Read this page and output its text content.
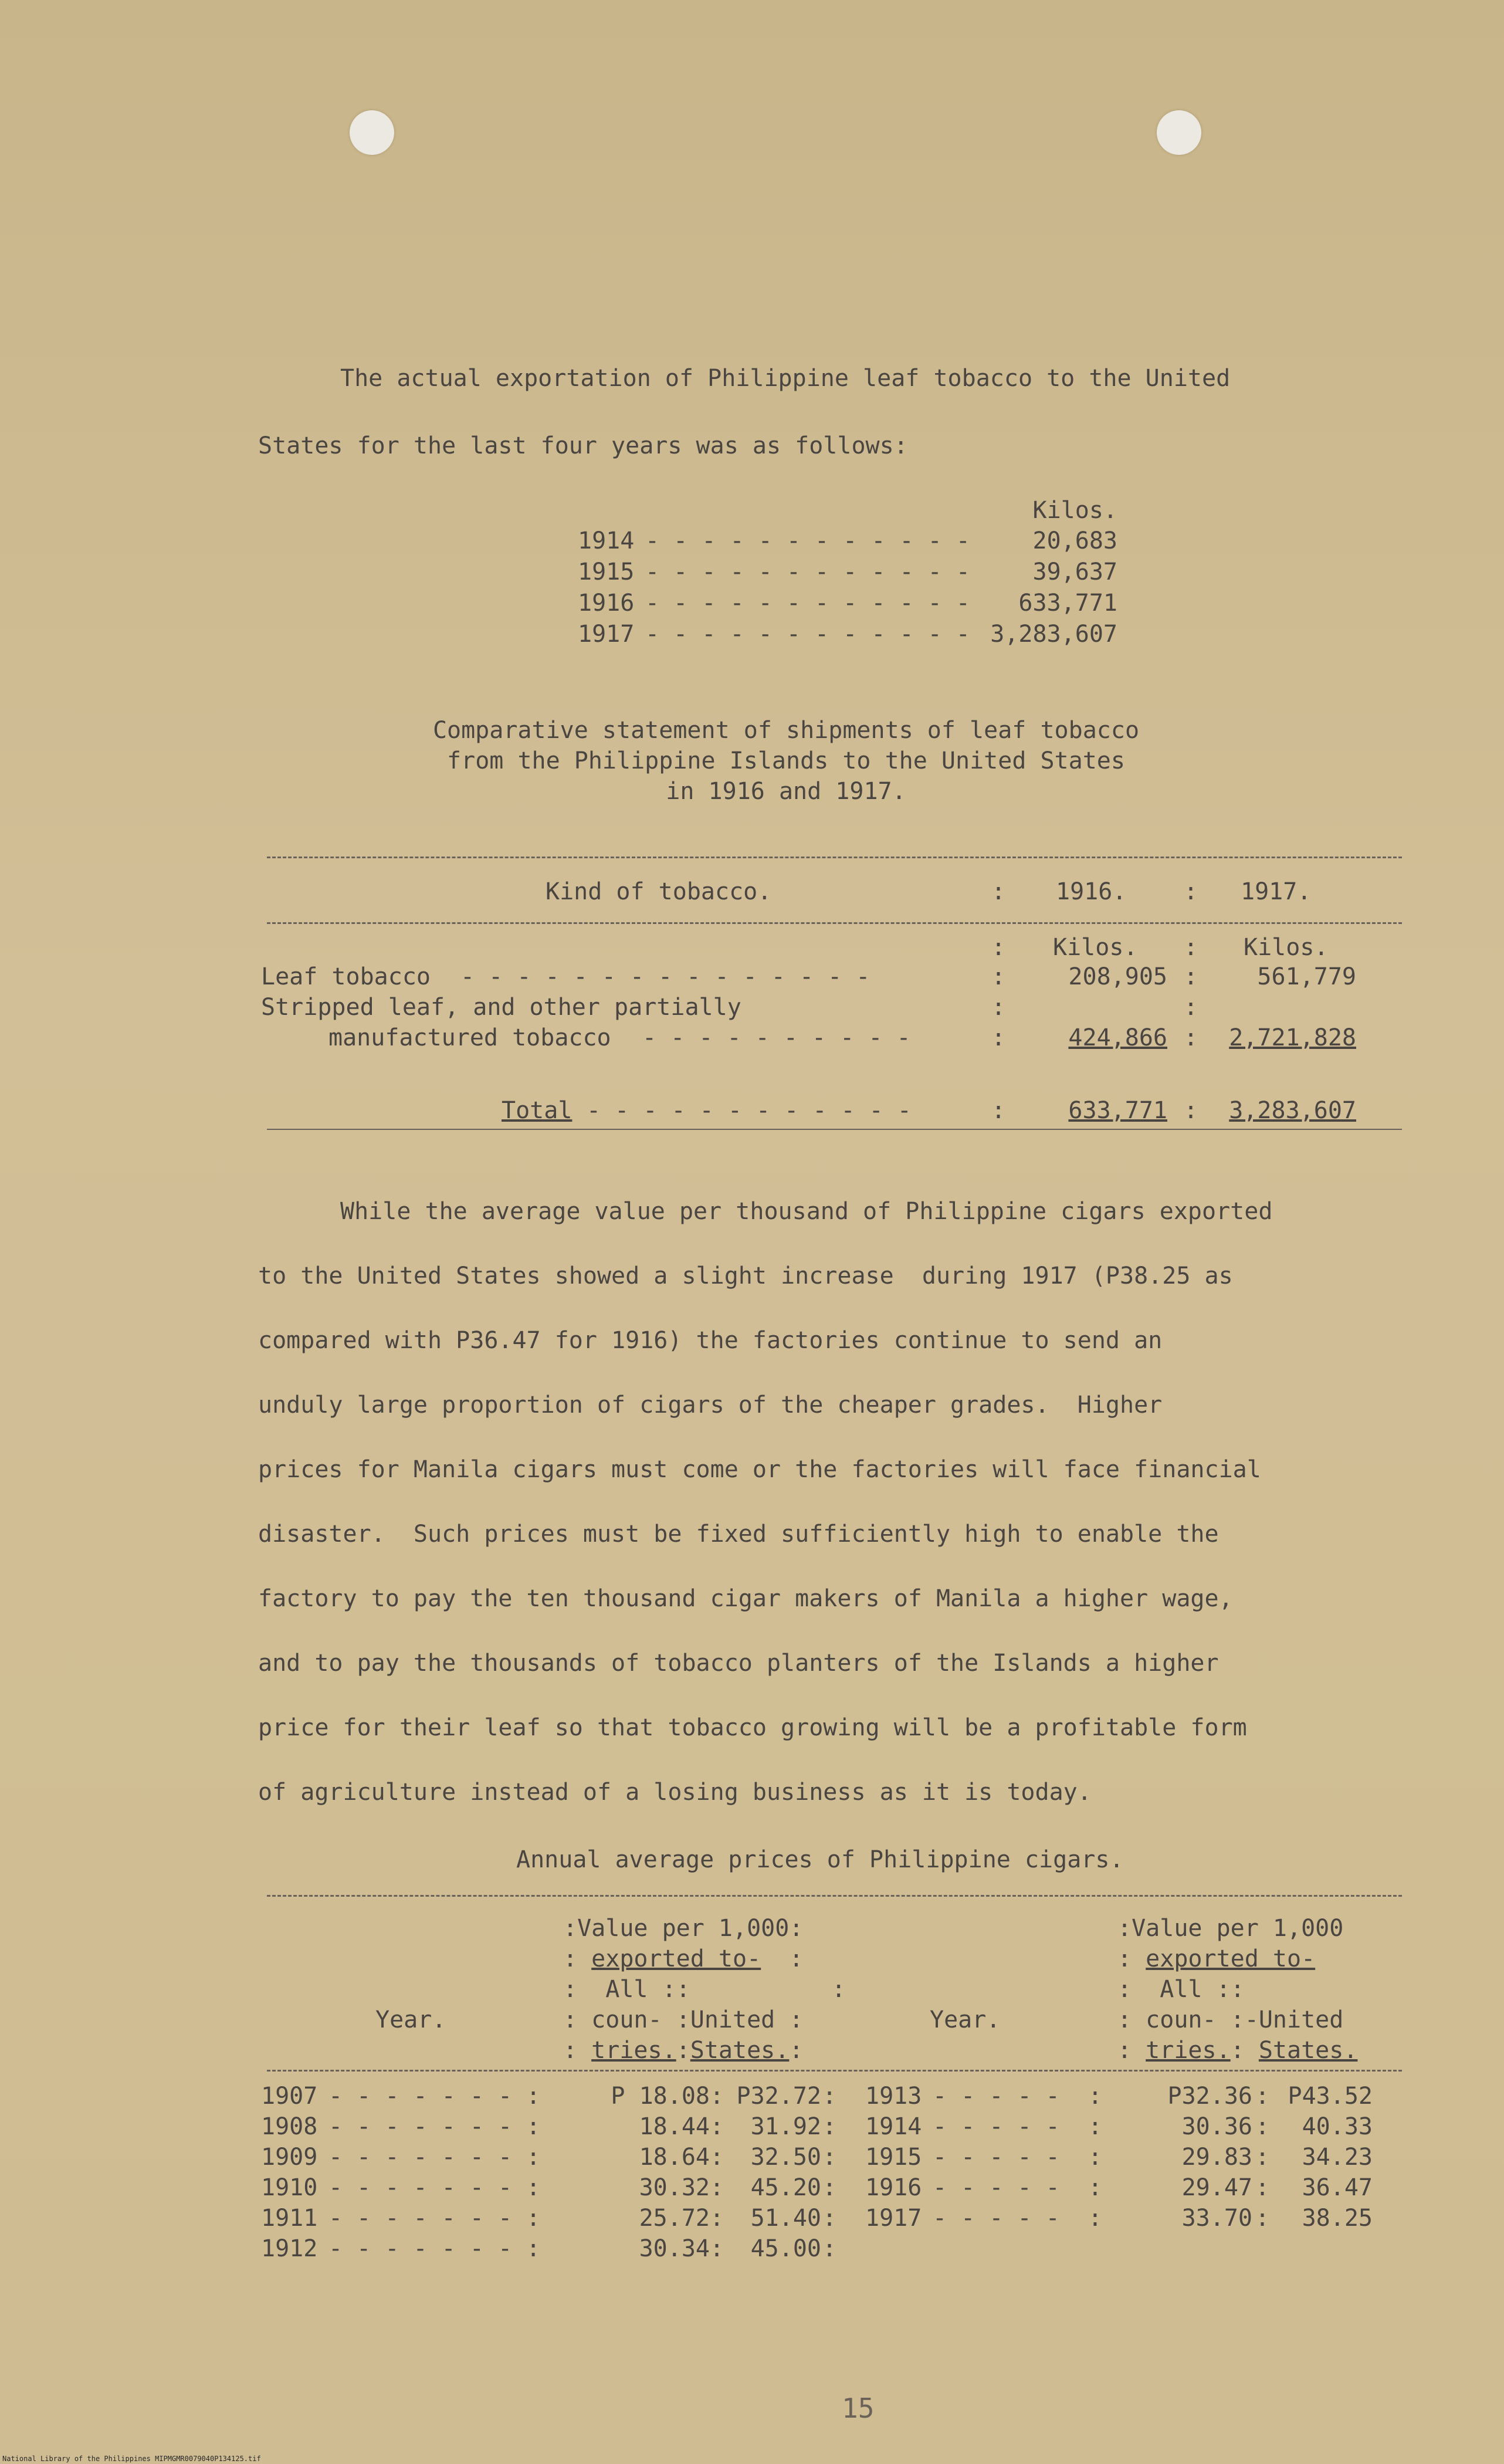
The actual exportation of Philippine leaf tobacco to the United
States for the last four years was as follows:
Kilos.
1914 - - - - - - - - - - - -	20,683
1915 - - - - - - - - - - - -	39,637
1916 - - - - - - - - - - - -	633,771
1917 - - - - - - - - - - - - 3,283,607
Comparative statement of shipments of leaf tobacco
from the Philippine Islands to the United States
in 1916 and 1917.
Kind of tobacco.	: 1916. : 1917.
: Kilos. : Kilos.
Leaf tobacco - - - - - - - - - - - - - - -	:	208,905 :	561,779
Stripped leaf, and other partially	:	:
manufactured tobacco - - - - - - - - - -	:	424,866 :	2,721,828
Total - - - - - - - - - - - -	:	633,771 :	3,283,607

While the average value per thousand of Philippine cigars exported

to the United States showed a slight increase  during 1917 (P38.25 as

compared with P36.47 for 1916) the factories continue to send an

unduly large proportion of cigars of the cheaper grades.  Higher

prices for Manila cigars must come or the factories will face financial

disaster.  Such prices must be fixed sufficiently high to enable the

factory to pay the ten thousand cigar makers of Manila a higher wage,

and to pay the thousands of tobacco planters of the Islands a higher

price for their leaf so that tobacco growing will be a profitable form

of agriculture instead of a losing business as it is today.

Annual average prices of Philippine cigars.
:Value per 1,000:
: exported to-  :
:  All ::          :
Year.	: coun- :United :
: tries.:States.:
:Value per 1,000
: exported to-
:  All ::
Year.	: coun- :-United
: tries.: States.
1907 - - - - - - - :	P 18.08	P32.72
:	:
1908 - - - - - - - :	18.44	31.92
:	:
1909 - - - - - - - :	18.64	32.50
:	:
1910 - - - - - - - :	30.32	45.20
:	:
1911 - - - - - - - :	25.72	51.40
:	:
1912 - - - - - - - :	30.34	45.00
:	:
1913 - - - - -  :	P32.36 : P43.52
1914 - - - - -  :	30.36 :	40.33
1915 - - - - -  :	29.83 :	34.23
1916 - - - - -  :	29.47 :	36.47
1917 - - - - -  :	33.70 :	38.25
15
National Library of the Philippines MIPMGMR0079040P134125.tif
